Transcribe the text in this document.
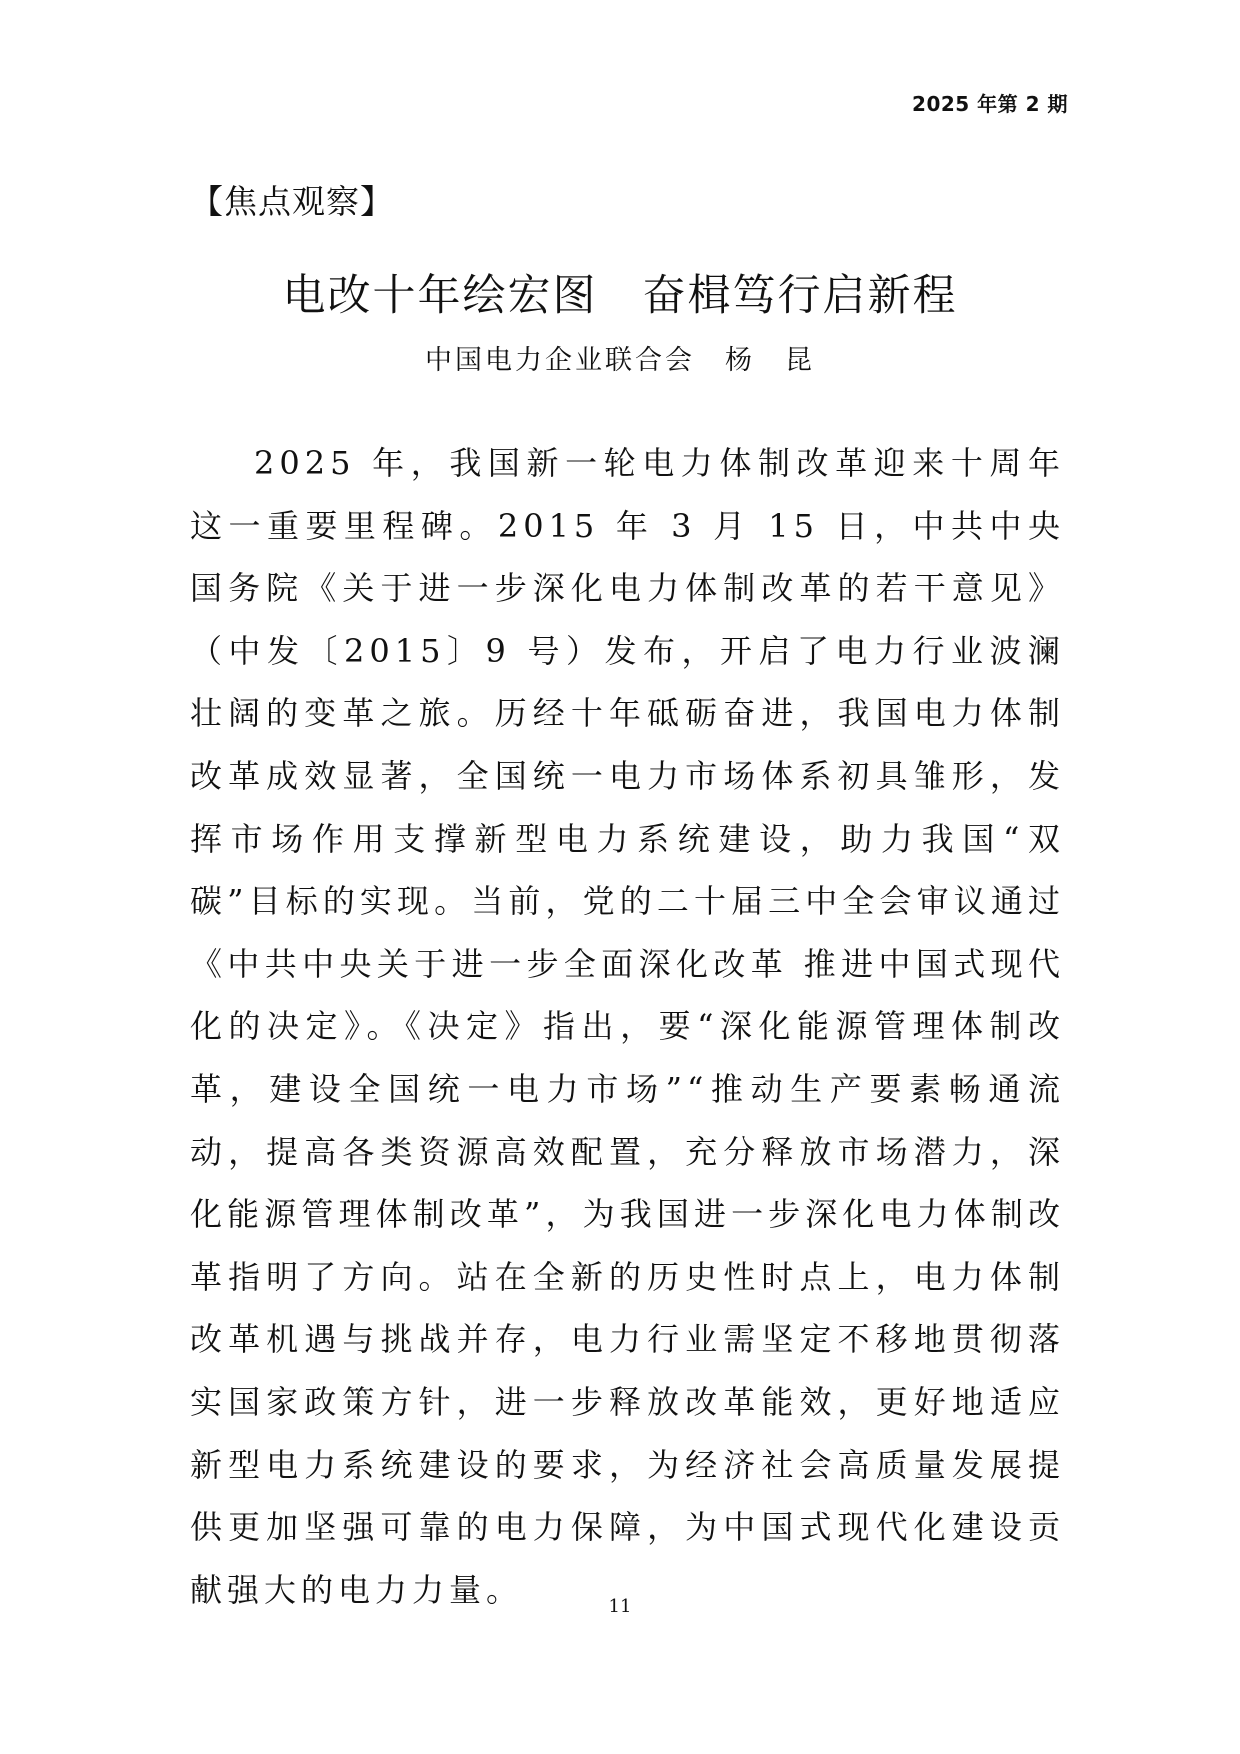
2025 年第 2 期
【焦点观察】
电改十年绘宏图　奋楫笃行启新程
中国电力企业联合会　杨　昆

2025 年，我国新一轮电力体制改革迎来十周年这一重要里程碑。2015 年 3 月 15 日，中共中央 国务院《关于进一步深化电力体制改革的若干意见》（中发〔2015〕9 号）发布，开启了电力行业波澜壮阔的变革之旅。历经十年砥砺奋进，我国电力体制改革成效显著，全国统一电力市场体系初具雏形，发挥市场作用支撑新型电力系统建设，助力我国“双碳”目标的实现。当前，党的二十届三中全会审议通过《中共中央关于进一步全面深化改革 推进中国式现代化的决定》。《决定》指出，要“深化能源管理体制改革，建设全国统一电力市场”“推动生产要素畅通流动，提高各类资源高效配置，充分释放市场潜力，深化能源管理体制改革”，为我国进一步深化电力体制改革指明了方向。站在全新的历史性时点上，电力体制改革机遇与挑战并存，电力行业需坚定不移地贯彻落实国家政策方针，进一步释放改革能效，更好地适应新型电力系统建设的要求，为经济社会高质量发展提供更加坚强可靠的电力保障，为中国式现代化建设贡献强大的电力力量。	11
